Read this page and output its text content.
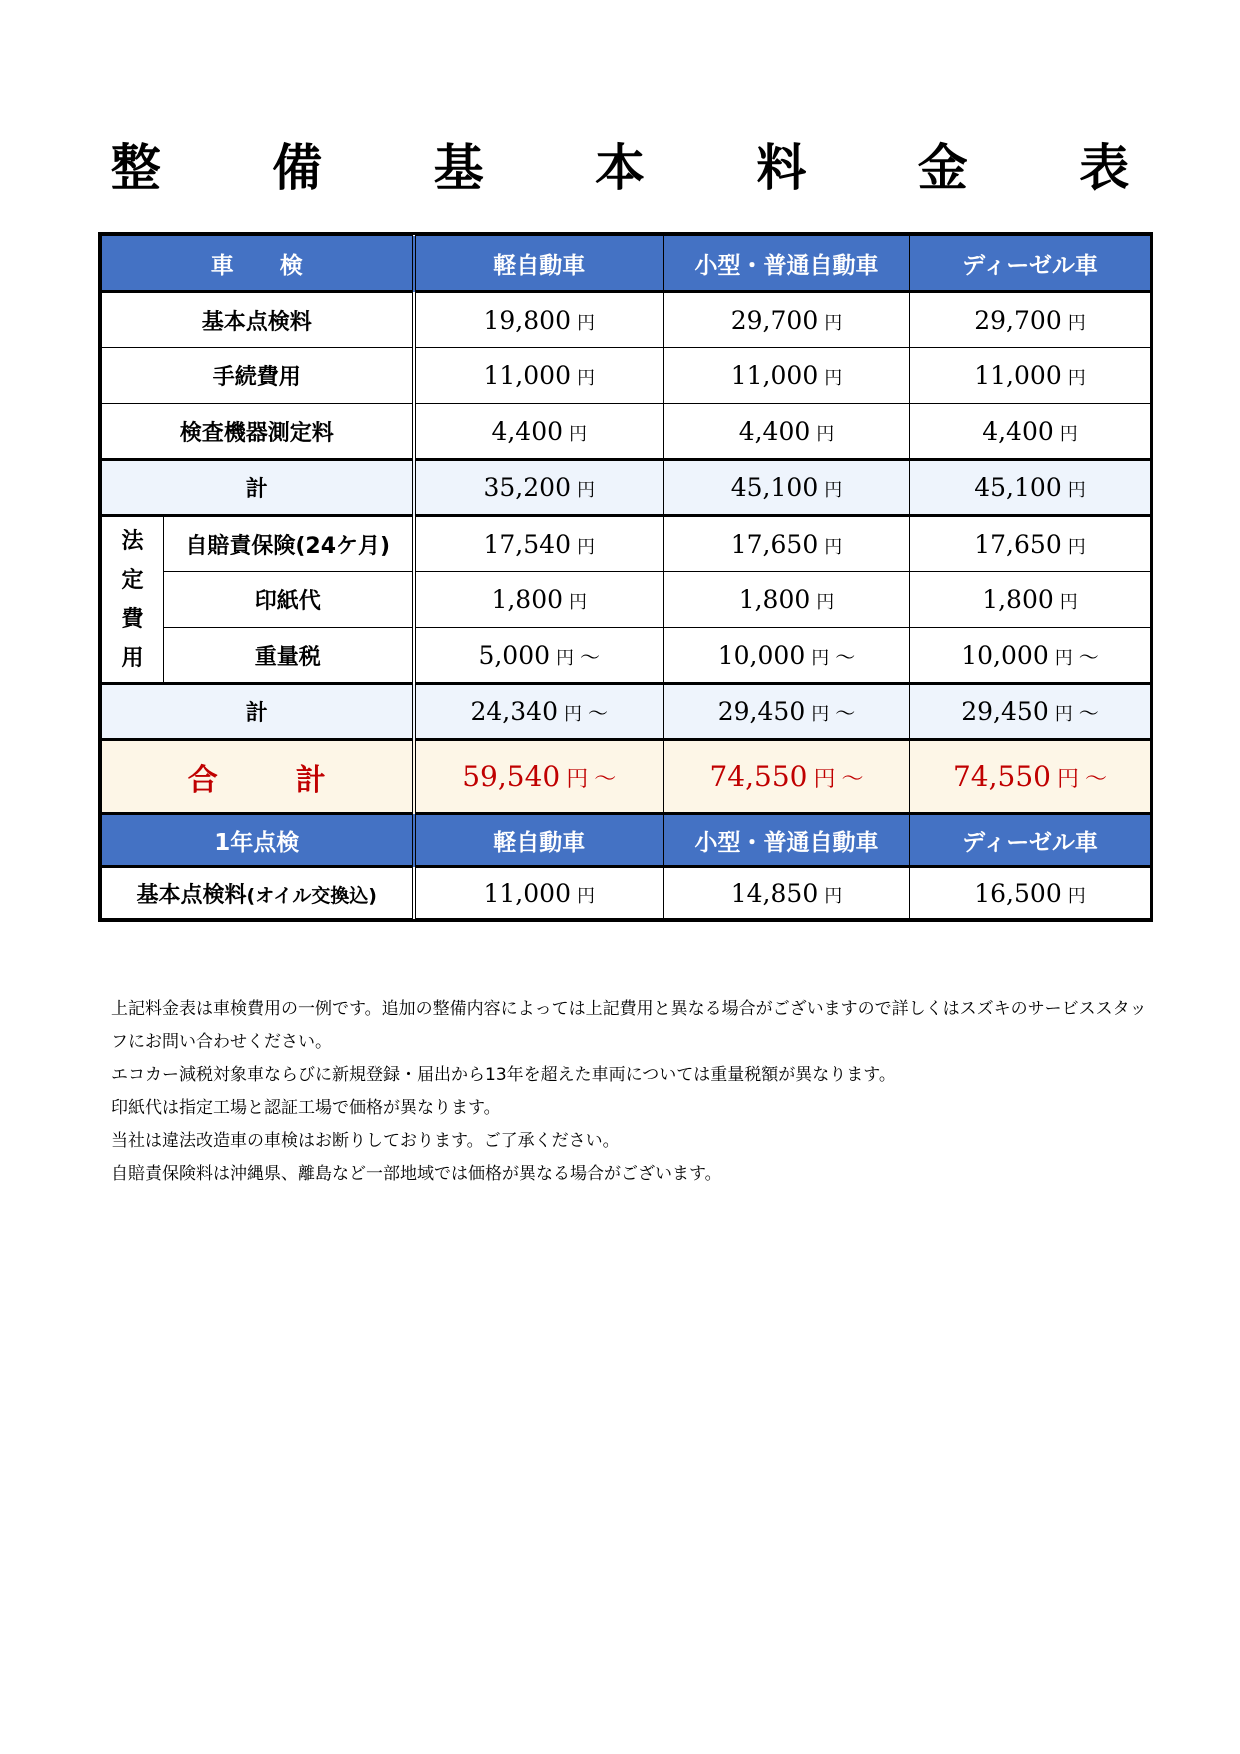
整 備 基 本 料 金 表
車　　検		軽自動車	小型・普通自動車	ディーゼル車
基本点検料		19,800 円	29,700 円	29,700 円
手続費用		11,000 円	11,000 円	11,000 円
検査機器測定料		4,400 円	4,400 円	4,400 円
計		35,200 円	45,100 円	45,100 円

法
定
費
用	自賠責保険(24ケ月)	17,540 円	17,650 円	17,650 円
	印紙代	1,800 円	1,800 円	1,800 円
	重量税	5,000 円 〜	10,000 円 〜	10,000 円 〜
計		24,340 円 〜	29,450 円 〜	29,450 円 〜
合　計		59,540 円 〜	74,550 円 〜	74,550 円 〜
1年点検		軽自動車	小型・普通自動車	ディーゼル車
基本点検料(オイル交換込)		11,000 円	14,850 円	16,500 円

上記料金表は車検費用の一例です。追加の整備内容によっては上記費用と異なる場合がございますので詳しくはスズキのサービススタッフにお問い合わせください。

エコカー減税対象車ならびに新規登録・届出から13年を超えた車両については重量税額が異なります。

印紙代は指定工場と認証工場で価格が異なります。

当社は違法改造車の車検はお断りしております。ご了承ください。

自賠責保険料は沖縄県、離島など一部地域では価格が異なる場合がございます。
